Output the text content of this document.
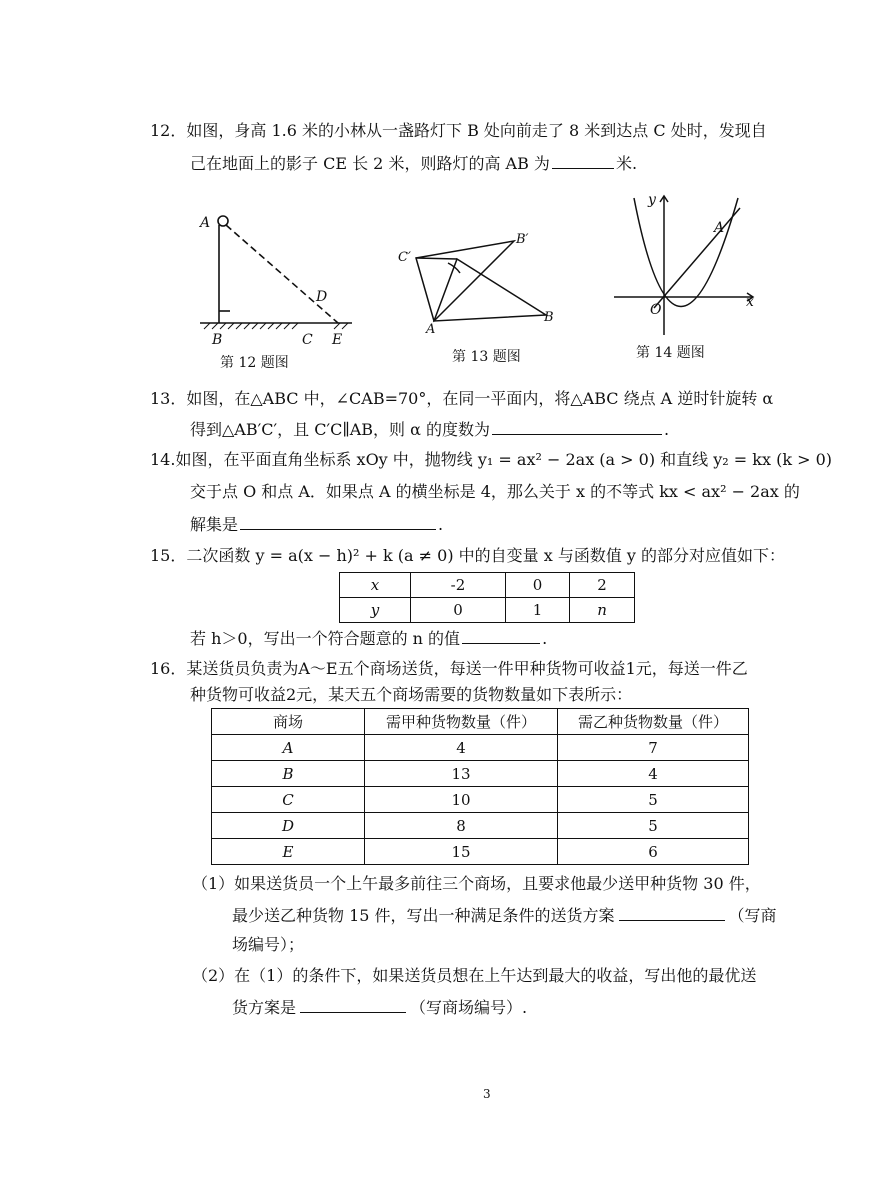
12．如图，身高 1.6 米的小林从一盏路灯下 B 处向前走了 8 米到达点 C 处时，发现自
己在地面上的影子 CE 长 2 米，则路灯的高 AB 为	米.
A
B	C
D
E
第 12 题图
C′
B′
A
B
第 13 题图
y
A
O	x
第 14 题图
13．如图，在△ABC 中，∠CAB=70°，在同一平面内，将△ABC 绕点 A 逆时针旋转 α
得到△AB′C′，且 C′C∥AB，则 α 的度数为	.
14.如图，在平面直角坐标系 xOy 中，抛物线 y₁ = ax² − 2ax (a > 0) 和直线 y₂ = kx (k > 0)
交于点 O 和点 A．如果点 A 的横坐标是 4，那么关于 x 的不等式 kx < ax² − 2ax 的
解集是	.
15．二次函数 y = a(x − h)² + k (a ≠ 0) 中的自变量 x 与函数值 y 的部分对应值如下：
x	-2	0	2
y	0	1	n
若 h＞0，写出一个符合题意的 n 的值	.
16．某送货员负责为A～E五个商场送货，每送一件甲种货物可收益1元，每送一件乙
种货物可收益2元，某天五个商场需要的货物数量如下表所示：
商场	需甲种货物数量（件）	需乙种货物数量（件）
A	4	7
B	13	4
C	10	5
D	8	5
E	15	6
（1）如果送货员一个上午最多前往三个商场，且要求他最少送甲种货物 30 件，
最少送乙种货物 15 件，写出一种满足条件的送货方案	（写商
场编号）；
（2）在（1）的条件下，如果送货员想在上午达到最大的收益，写出他的最优送
货方案是	（写商场编号）.
3
